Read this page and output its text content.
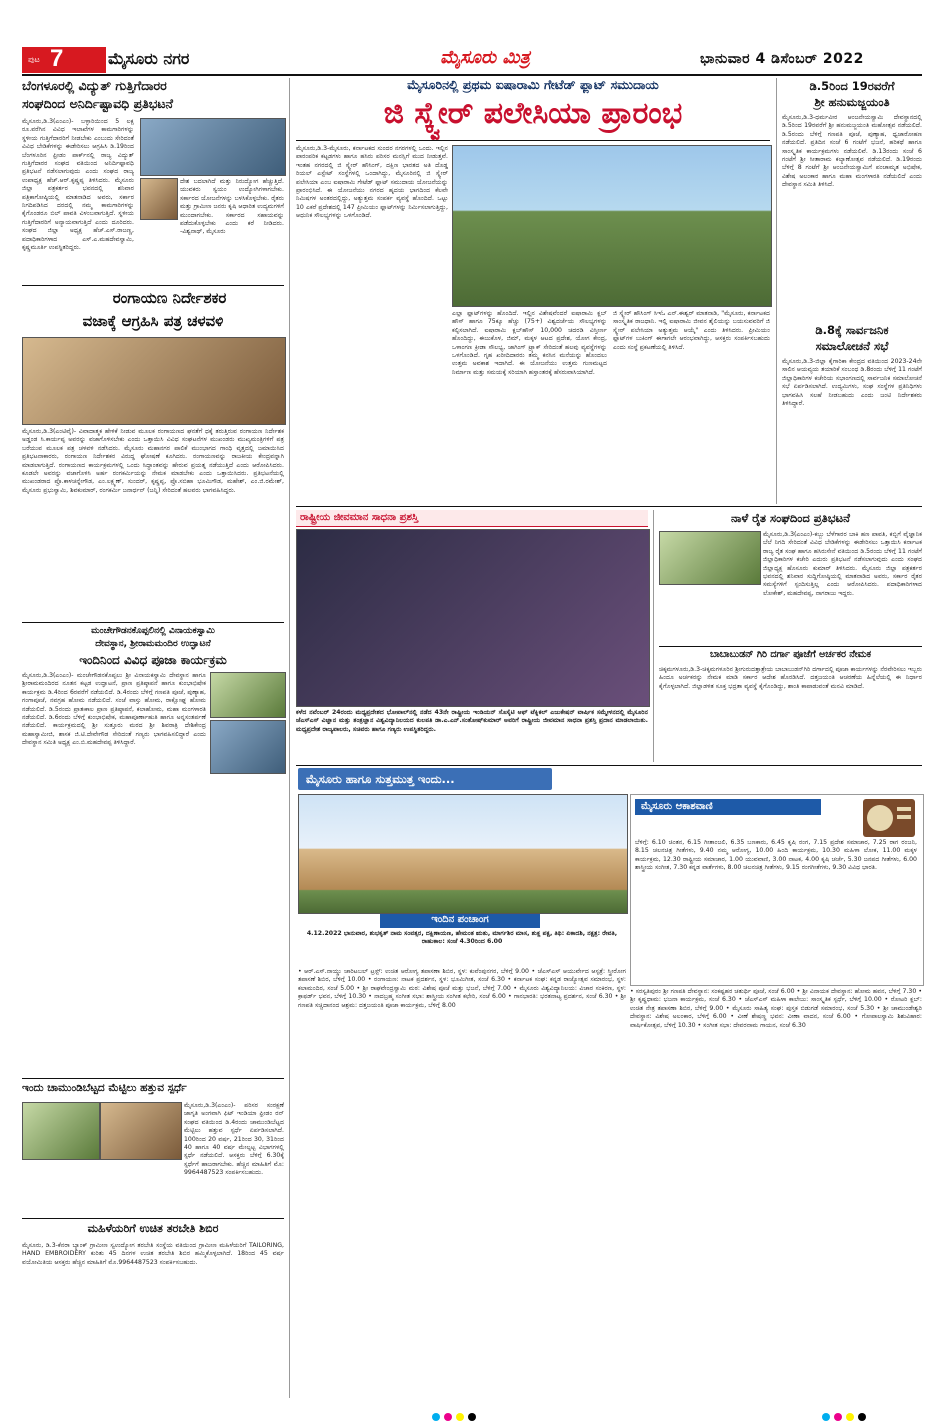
ಪುಟ 7	ಮೈಸೂರು ನಗರ	ಮೈಸೂರು ಮಿತ್ರ	ಭಾನುವಾರ 4 ಡಿಸೆಂಬರ್ 2022
ಬೆಂಗಳೂರಲ್ಲಿ ವಿದ್ಯುತ್ ಗುತ್ತಿಗೆದಾರರ
ಸಂಘದಿಂದ ಅನಿರ್ದಿಷ್ಟಾವಧಿ ಪ್ರತಿಭಟನೆ
ಮೈಸೂರು,ಡಿ.3(ಎಂಎಂ)- ಬಳ್ಳಾರಿಯಿಂದ 5 ಲಕ್ಷ ರೂ.ವರೆಗಿನ ವಿವಿಧ ಇಲಾಖೆಗಳ ಕಾಮಗಾರಿಗಳನ್ನು ಸ್ಥಳೀಯ ಗುತ್ತಿಗೆದಾರರಿಗೆ ನೀಡಬೇಕು ಎಂಬುದು ಸೇರಿದಂತೆ ವಿವಿಧ ಬೇಡಿಕೆಗಳನ್ನು ಈಡೇರಿಸಲು ಆಗ್ರಹಿಸಿ ಡಿ.19ರಿಂದ ಬೆಂಗಳೂರಿನ ಫ್ರೀಡಂ ಪಾರ್ಕ್‌ನಲ್ಲಿ ರಾಜ್ಯ ವಿದ್ಯುತ್ ಗುತ್ತಿಗೆದಾರರ ಸಂಘದ ವತಿಯಿಂದ ಅನಿರ್ದಿಷ್ಟಾವಧಿ ಪ್ರತಿಭಟನೆ ನಡೆಸಲಾಗುವುದು ಎಂದು ಸಂಘದ ರಾಜ್ಯ ಉಪಾಧ್ಯಕ್ಷ ಹೆಚ್.ಆರ್.ಕೃಷ್ಣಪ್ಪ ತಿಳಿಸಿದರು. ಮೈಸೂರು ಜಿಲ್ಲಾ ಪತ್ರಕರ್ತರ ಭವನದಲ್ಲಿ ಶನಿವಾರ ಪತ್ರಿಕಾಗೋಷ್ಠಿಯಲ್ಲಿ ಮಾತನಾಡಿದ ಅವರು, ಸರ್ಕಾರ ನಿಗದಿಪಡಿಸಿದ ದರದಲ್ಲಿ ನಮ್ಮ ಕಾಮಗಾರಿಗಳನ್ನು ಕೈಗೊಂಡರೂ ಬಿಲ್ ಪಾವತಿ ವಿಳಂಬವಾಗುತ್ತಿದೆ. ಸ್ಥಳೀಯ ಗುತ್ತಿಗೆದಾರರಿಗೆ ಅನ್ಯಾಯವಾಗುತ್ತಿದೆ ಎಂದು ದೂರಿದರು. ಸಂಘದ ಜಿಲ್ಲಾ ಅಧ್ಯಕ್ಷ ಹೆಚ್.ಎಸ್.ರಾಜಣ್ಣ, ಪದಾಧಿಕಾರಿಗಳಾದ ಎಸ್.ಎ.ಮಹದೇವಸ್ವಾಮಿ, ಕೃಷ್ಣಮೂರ್ತಿ ಉಪಸ್ಥಿತರಿದ್ದರು.
ದೇಶ ಬದಲಾಗಿದೆ ಮತ್ತು ನಿರುದ್ಯೋಗ ಹೆಚ್ಚುತ್ತಿದೆ. ಯುವಕರು ಸ್ವಯಂ ಉದ್ಯೋಗಿಗಳಾಗಬೇಕು. ಸರ್ಕಾರದ ಯೋಜನೆಗಳನ್ನು ಬಳಸಿಕೊಳ್ಳಬೇಕು. ರೈತರು ಮತ್ತು ಗ್ರಾಮೀಣ ಜನರು ಕೃಷಿ ಆಧಾರಿತ ಉದ್ಯಮಗಳಿಗೆ ಮುಂದಾಗಬೇಕು. ಸರ್ಕಾರದ ಸಹಾಯವನ್ನು ಪಡೆದುಕೊಳ್ಳಬೇಕು ಎಂದು ಕರೆ ನೀಡಿದರು. -ವಿಶ್ವನಾಥ್, ಮೈಸೂರು
ರಂಗಾಯಣ ನಿರ್ದೇಶಕರ
ವಜಾಕ್ಕೆ ಆಗ್ರಹಿಸಿ ಪತ್ರ ಚಳವಳಿ
ಮೈಸೂರು,ಡಿ.3(ಎಂಟಿವೈ)- ವಿವಾದಾತ್ಮಕ ಹೇಳಿಕೆ ನೀಡುವ ಮೂಲಕ ರಂಗಾಯಣದ ಘನತೆಗೆ ಧಕ್ಕೆ ತರುತ್ತಿರುವ ರಂಗಾಯಣ ನಿರ್ದೇಶಕ ಅಡ್ಡಂಡ ಸಿ.ಕಾರ್ಯಪ್ಪ ಅವರನ್ನು ವಜಾಗೊಳಿಸಬೇಕು ಎಂದು ಒತ್ತಾಯಿಸಿ ವಿವಿಧ ಸಂಘಟನೆಗಳ ಮುಖಂಡರು ಮುಖ್ಯಮಂತ್ರಿಗಳಿಗೆ ಪತ್ರ ಬರೆಯುವ ಮೂಲಕ ಪತ್ರ ಚಳವಳಿ ನಡೆಸಿದರು. ಮೈಸೂರು ಮಹಾನಗರ ಪಾಲಿಕೆ ಮುಂಭಾಗದ ಗಾಂಧಿ ವೃತ್ತದಲ್ಲಿ ಜಮಾಯಿಸಿದ ಪ್ರತಿಭಟನಾಕಾರರು, ರಂಗಾಯಣ ನಿರ್ದೇಶಕರ ವಿರುದ್ಧ ಘೋಷಣೆ ಕೂಗಿದರು. ರಂಗಾಯಣವನ್ನು ರಾಜಕೀಯ ಕೇಂದ್ರವನ್ನಾಗಿ ಮಾಡಲಾಗುತ್ತಿದೆ. ರಂಗಾಯಣದ ಕಾರ್ಯಕ್ರಮಗಳಲ್ಲಿ ಒಂದು ಸಿದ್ಧಾಂತವನ್ನು ಹೇರುವ ಪ್ರಯತ್ನ ನಡೆಯುತ್ತಿದೆ ಎಂದು ಆರೋಪಿಸಿದರು. ಕೂಡಲೇ ಅವರನ್ನು ವಜಾಗೊಳಿಸಿ ಅರ್ಹ ರಂಗಕರ್ಮಿಯನ್ನು ನೇಮಕ ಮಾಡಬೇಕು ಎಂದು ಒತ್ತಾಯಿಸಿದರು. ಪ್ರತಿಭಟನೆಯಲ್ಲಿ ಮುಖಂಡರಾದ ಪ್ರೊ.ಕಾಳಚನ್ನೇಗೌಡ, ಎಂ.ಲಕ್ಷ್ಮಣ್, ಸುಂದರ್, ಕೃಷ್ಣಪ್ಪ, ಪ್ರೊ.ಸಬಿಹಾ ಭೂಮಿಗೌಡ, ಮಹೇಶ್, ಎಂ.ಜಿ.ರಮೇಶ್, ಮೈಸೂರು ಪ್ರಭುಸ್ವಾಮಿ, ಶಿವಕುಮಾರ್, ರಂಗಕರ್ಮಿ ಜನಾರ್ಧನ್ (ಜನ್ನಿ) ಸೇರಿದಂತೆ ಹಲವರು ಭಾಗವಹಿಸಿದ್ದರು.
ಮಂಚೇಗೌಡನಕೊಪ್ಪಲಿನಲ್ಲಿ ವಿನಾಯಕಸ್ವಾಮಿ
ದೇವಸ್ಥಾನ, ಶ್ರೀರಾಮಮಂದಿರ ಉದ್ಘಾಟನೆ
ಇಂದಿನಿಂದ ವಿವಿಧ ಪೂಜಾ ಕಾರ್ಯಕ್ರಮ
ಮೈಸೂರು,ಡಿ.3(ಎಂಎಂ)- ಮಂಚೇಗೌಡನಕೊಪ್ಪಲು ಶ್ರೀ ವಿನಾಯಕಸ್ವಾಮಿ ದೇವಸ್ಥಾನ ಹಾಗೂ ಶ್ರೀರಾಮಮಂದಿರದ ನೂತನ ಕಟ್ಟಡ ಉದ್ಘಾಟನೆ, ಪ್ರಾಣ ಪ್ರತಿಷ್ಠಾಪನೆ ಹಾಗೂ ಕುಂಭಾಭಿಷೇಕ ಕಾರ್ಯಕ್ರಮ ಡಿ.4ರಿಂದ 6ರವರೆಗೆ ನಡೆಯಲಿದೆ. ಡಿ.4ರಂದು ಬೆಳಿಗ್ಗೆ ಗಣಪತಿ ಪೂಜೆ, ಪುಣ್ಯಾಹ, ಗಂಗಾಪೂಜೆ, ನವಗ್ರಹ ಹೋಮ ನಡೆಯಲಿದೆ. ಸಂಜೆ ವಾಸ್ತು ಹೋಮ, ರಾಕ್ಷೋಘ್ನ ಹೋಮ ನಡೆಯಲಿದೆ. ಡಿ.5ರಂದು ಪ್ರಾತಃಕಾಲ ಪ್ರಾಣ ಪ್ರತಿಷ್ಠಾಪನೆ, ಕಲಾಹೋಮ, ಮಹಾ ಮಂಗಳಾರತಿ ನಡೆಯಲಿದೆ. ಡಿ.6ರಂದು ಬೆಳಿಗ್ಗೆ ಕುಂಭಾಭಿಷೇಕ, ಮಹಾಪೂರ್ಣಾಹುತಿ ಹಾಗೂ ಅನ್ನಸಂತರ್ಪಣೆ ನಡೆಯಲಿದೆ. ಕಾರ್ಯಕ್ರಮದಲ್ಲಿ ಶ್ರೀ ಸುತ್ತೂರು ಮಠದ ಶ್ರೀ ಶಿವರಾತ್ರಿ ದೇಶಿಕೇಂದ್ರ ಮಹಾಸ್ವಾಮೀಜಿ, ಶಾಸಕ ಜಿ.ಟಿ.ದೇವೇಗೌಡ ಸೇರಿದಂತೆ ಗಣ್ಯರು ಭಾಗವಹಿಸಲಿದ್ದಾರೆ ಎಂದು ದೇವಸ್ಥಾನ ಸಮಿತಿ ಅಧ್ಯಕ್ಷ ಎಂ.ಬಿ.ಮಹದೇವಪ್ಪ ತಿಳಿಸಿದ್ದಾರೆ.
ಇಂದು ಚಾಮುಂಡಿಬೆಟ್ಟದ ಮೆಟ್ಟಿಲು ಹತ್ತುವ ಸ್ಪರ್ಧೆ
ಮೈಸೂರು,ಡಿ.3(ಎಂಎಂ)- ಪರಿಸರ ಸಂರಕ್ಷಣೆ ಜಾಗೃತಿ ಅಂಗವಾಗಿ ಫಿಟ್ ಇಂಡಿಯಾ ಫ್ರೀಡಂ ರನ್ ಸಂಘದ ವತಿಯಿಂದ ಡಿ.4ರಂದು ಚಾಮುಂಡಿಬೆಟ್ಟದ ಮೆಟ್ಟಿಲು ಹತ್ತುವ ಸ್ಪರ್ಧೆ ಏರ್ಪಡಿಸಲಾಗಿದೆ. 100ರಿಂದ 20 ವರ್ಷ, 21ರಿಂದ 30, 31ರಿಂದ 40 ಹಾಗೂ 40 ವರ್ಷ ಮೇಲ್ಪಟ್ಟ ವಿಭಾಗಗಳಲ್ಲಿ ಸ್ಪರ್ಧೆ ನಡೆಯಲಿದೆ. ಆಸಕ್ತರು ಬೆಳಿಗ್ಗೆ 6.30ಕ್ಕೆ ಸ್ಪರ್ಧೆಗೆ ಹಾಜರಾಗಬೇಕು. ಹೆಚ್ಚಿನ ಮಾಹಿತಿಗೆ ಮೊ: 9964487523 ಸಂಪರ್ಕಿಸಬಹುದು.
ಮಹಿಳೆಯರಿಗೆ ಉಚಿತ ತರಬೇತಿ ಶಿಬಿರ
ಮೈಸೂರು, ಡಿ.3-ಕೆನರಾ ಬ್ಯಾಂಕ್ ಗ್ರಾಮೀಣ ಸ್ವಉದ್ಯೋಗ ತರಬೇತಿ ಸಂಸ್ಥೆಯ ವತಿಯಿಂದ ಗ್ರಾಮೀಣ ಮಹಿಳೆಯರಿಗೆ TAILORING, HAND EMBROIDERY ಕುರಿತು 45 ದಿನಗಳ ಉಚಿತ ತರಬೇತಿ ಶಿಬಿರ ಹಮ್ಮಿಕೊಳ್ಳಲಾಗಿದೆ. 18ರಿಂದ 45 ವರ್ಷ ವಯೋಮಿತಿಯ ಆಸಕ್ತರು ಹೆಚ್ಚಿನ ಮಾಹಿತಿಗೆ ಮೊ.9964487523 ಸಂಪರ್ಕಿಸಬಹುದು.
ಮೈಸೂರಿನಲ್ಲಿ ಪ್ರಥಮ ಐಷಾರಾಮಿ ಗೇಟೆಡ್ ಫ್ಲಾಟ್ ಸಮುದಾಯ
ಜಿ ಸ್ಕ್ವೇರ್ ಪಲೇಸಿಯಾ ಪ್ರಾರಂಭ
ಮೈಸೂರು,ಡಿ.3-ಮೈಸೂರು, ಕರ್ನಾಟಕದ ಸುಂದರ ನಗರಗಳಲ್ಲಿ ಒಂದು. ಇಲ್ಲಿನ ಪಾರಂಪರಿಕ ಕಟ್ಟಡಗಳು ಹಾಗೂ ಹಸಿರು ಪರಿಸರ ಮನಸ್ಸಿಗೆ ಮುದ ನೀಡುತ್ತವೆ. ಇಂತಹ ನಗರದಲ್ಲಿ ಜಿ ಸ್ಕ್ವೇರ್ ಹೌಸಿಂಗ್, ದಕ್ಷಿಣ ಭಾರತದ ಅತಿ ದೊಡ್ಡ ರಿಯಲ್ ಎಸ್ಟೇಟ್ ಸಂಸ್ಥೆಗಳಲ್ಲಿ ಒಂದಾಗಿದ್ದು, ಮೈಸೂರಿನಲ್ಲಿ ಜಿ ಸ್ಕ್ವೇರ್ ಪಲೇಸಿಯಾ ಎಂಬ ಐಷಾರಾಮಿ ಗೇಟೆಡ್ ಫ್ಲಾಟ್ ಸಮುದಾಯ ಯೋಜನೆಯನ್ನು ಪ್ರಾರಂಭಿಸಿದೆ. ಈ ಯೋಜನೆಯು ನಗರದ ಹೃದಯ ಭಾಗದಿಂದ ಕೆಲವೇ ನಿಮಿಷಗಳ ಅಂತರದಲ್ಲಿದ್ದು, ಅತ್ಯುತ್ತಮ ಸಂಪರ್ಕ ವ್ಯವಸ್ಥೆ ಹೊಂದಿದೆ. ಒಟ್ಟು 10 ಎಕರೆ ಪ್ರದೇಶದಲ್ಲಿ 147 ಪ್ರೀಮಿಯಂ ಫ್ಲಾಟ್‌ಗಳನ್ನು ನಿರ್ಮಿಸಲಾಗುತ್ತಿದ್ದು, ಆಧುನಿಕ ಸೌಲಭ್ಯಗಳನ್ನು ಒಳಗೊಂಡಿದೆ.
ಎಲ್ಲಾ ಫ್ಲಾಟ್‌ಗಳನ್ನು ಹೊಂದಿದೆ. ಇಲ್ಲಿನ ವಿಶೇಷವೆಂದರೆ ಐಷಾರಾಮಿ ಕ್ಲಬ್ ಹೌಸ್ ಹಾಗೂ 75ಕ್ಕೂ ಹೆಚ್ಚು (75+) ವಿಶ್ವದರ್ಜೆಯ ಸೌಲಭ್ಯಗಳನ್ನು ಕಲ್ಪಿಸಲಾಗಿದೆ. ಐಷಾರಾಮಿ ಕ್ಲಬ್‌ಹೌಸ್ 10,000 ಚದರಡಿ ವಿಸ್ತೀರ್ಣ ಹೊಂದಿದ್ದು, ಈಜುಕೊಳ, ಜಿಮ್, ಮಕ್ಕಳ ಆಟದ ಪ್ರದೇಶ, ಯೋಗ ಕೇಂದ್ರ, ಒಳಾಂಗಣ ಕ್ರೀಡಾ ಸೌಲಭ್ಯ, ಜಾಗಿಂಗ್ ಟ್ರ್ಯಾಕ್ ಸೇರಿದಂತೆ ಹಲವು ವ್ಯವಸ್ಥೆಗಳನ್ನು ಒಳಗೊಂಡಿದೆ. ಗೃಹ ಖರೀದಿದಾರರು ತಮ್ಮ ಕನಸಿನ ಮನೆಯನ್ನು ಹೊಂದಲು ಉತ್ತಮ ಅವಕಾಶ ಇದಾಗಿದೆ. ಈ ಯೋಜನೆಯು ಉತ್ತಮ ಗುಣಮಟ್ಟದ ನಿರ್ಮಾಣ ಮತ್ತು ಸಮಯಕ್ಕೆ ಸರಿಯಾಗಿ ಹಸ್ತಾಂತರಕ್ಕೆ ಹೆಸರುವಾಸಿಯಾಗಿದೆ.
ಜಿ ಸ್ಕ್ವೇರ್ ಹೌಸಿಂಗ್ ಸಿಇಓ ಎನ್.ಈಶ್ವರ್ ಮಾತನಾಡಿ, "ಮೈಸೂರು, ಕರ್ನಾಟಕದ ಸಾಂಸ್ಕೃತಿಕ ರಾಜಧಾನಿ. ಇಲ್ಲಿ ಐಷಾರಾಮಿ ಜೀವನ ಶೈಲಿಯನ್ನು ಬಯಸುವವರಿಗೆ ಜಿ ಸ್ಕ್ವೇರ್ ಪಲೇಸಿಯಾ ಅತ್ಯುತ್ತಮ ಆಯ್ಕೆ" ಎಂದು ತಿಳಿಸಿದರು. ಪ್ರೀಮಿಯಂ ಫ್ಲಾಟ್‌ಗಳ ಬುಕಿಂಗ್ ಈಗಾಗಲೇ ಆರಂಭವಾಗಿದ್ದು, ಆಸಕ್ತರು ಸಂಪರ್ಕಿಸಬಹುದು ಎಂದು ಸಂಸ್ಥೆ ಪ್ರಕಟಣೆಯಲ್ಲಿ ತಿಳಿಸಿದೆ.
ಡಿ.5ರಿಂದ 19ರವರೆಗೆ
ಶ್ರೀ ಹನುಮಜ್ಜಯಂತಿ
ಮೈಸೂರು,ಡಿ.3-ಧರ್ಮವೀರ ಆಂಜನೇಯಸ್ವಾಮಿ ದೇವಸ್ಥಾನದಲ್ಲಿ ಡಿ.5ರಿಂದ 19ರವರೆಗೆ ಶ್ರೀ ಹನುಮಜ್ಜಯಂತಿ ಮಹೋತ್ಸವ ನಡೆಯಲಿದೆ. ಡಿ.5ರಂದು ಬೆಳಿಗ್ಗೆ ಗಣಪತಿ ಪೂಜೆ, ಪುಣ್ಯಾಹ, ಧ್ವಜಾರೋಹಣ ನಡೆಯಲಿದೆ. ಪ್ರತಿದಿನ ಸಂಜೆ 6 ಗಂಟೆಗೆ ಭಜನೆ, ಹರಿಕಥೆ ಹಾಗೂ ಸಾಂಸ್ಕೃತಿಕ ಕಾರ್ಯಕ್ರಮಗಳು ನಡೆಯಲಿವೆ. ಡಿ.13ರಂದು ಸಂಜೆ 6 ಗಂಟೆಗೆ ಶ್ರೀ ಸೀತಾರಾಮ ಕಲ್ಯಾಣೋತ್ಸವ ನಡೆಯಲಿದೆ. ಡಿ.19ರಂದು ಬೆಳಿಗ್ಗೆ 8 ಗಂಟೆಗೆ ಶ್ರೀ ಆಂಜನೇಯಸ್ವಾಮಿಗೆ ಪಂಚಾಮೃತ ಅಭಿಷೇಕ, ವಿಶೇಷ ಅಲಂಕಾರ ಹಾಗೂ ಮಹಾ ಮಂಗಳಾರತಿ ನಡೆಯಲಿದೆ ಎಂದು ದೇವಸ್ಥಾನ ಸಮಿತಿ ತಿಳಿಸಿದೆ.
ಡಿ.8ಕ್ಕೆ ಸಾರ್ವಜನಿಕ
ಸಮಾಲೋಚನೆ ಸಭೆ
ಮೈಸೂರು,ಡಿ.3-ಜಿಲ್ಲಾ ಕೈಗಾರಿಕಾ ಕೇಂದ್ರದ ವತಿಯಿಂದ 2023-24ನೇ ಸಾಲಿನ ಆಯವ್ಯಯ ತಯಾರಿಕೆ ಸಂಬಂಧ ಡಿ.8ರಂದು ಬೆಳಿಗ್ಗೆ 11 ಗಂಟೆಗೆ ಜಿಲ್ಲಾಧಿಕಾರಿಗಳ ಕಚೇರಿಯ ಸಭಾಂಗಣದಲ್ಲಿ ಸಾರ್ವಜನಿಕ ಸಮಾಲೋಚನೆ ಸಭೆ ಏರ್ಪಡಿಸಲಾಗಿದೆ. ಉದ್ಯಮಿಗಳು, ಸಂಘ ಸಂಸ್ಥೆಗಳ ಪ್ರತಿನಿಧಿಗಳು ಭಾಗವಹಿಸಿ ಸಲಹೆ ನೀಡಬಹುದು ಎಂದು ಜಂಟಿ ನಿರ್ದೇಶಕರು ತಿಳಿಸಿದ್ದಾರೆ.
ರಾಷ್ಟ್ರೀಯ ಜೀವಮಾನ ಸಾಧನಾ ಪ್ರಶಸ್ತಿ
ಕಳೆದ ನವೆಂಬರ್ 24ರಂದು ಮಧ್ಯಪ್ರದೇಶದ ಭೋಪಾಲ್‌ನಲ್ಲಿ ನಡೆದ 43ನೇ ರಾಷ್ಟ್ರೀಯ ಇಂಡಿಯನ್ ಸೊಸೈಟಿ ಆಫ್ ಟೆಕ್ನಿಕಲ್ ಎಜುಕೇಷನ್ ವಾರ್ಷಿಕ ಸಮ್ಮೇಳನದಲ್ಲಿ ಮೈಸೂರಿನ ಜೆಎಸ್‌ಎಸ್ ವಿಜ್ಞಾನ ಮತ್ತು ತಂತ್ರಜ್ಞಾನ ವಿಶ್ವವಿದ್ಯಾನಿಲಯದ ಕುಲಪತಿ ಡಾ.ಎ.ಎನ್.ಸಂತೋಷ್‌ಕುಮಾರ್ ಅವರಿಗೆ ರಾಷ್ಟ್ರೀಯ ಜೀವಮಾನ ಸಾಧನಾ ಪ್ರಶಸ್ತಿ ಪ್ರದಾನ ಮಾಡಲಾಯಿತು. ಮಧ್ಯಪ್ರದೇಶ ರಾಜ್ಯಪಾಲರು, ಸಚಿವರು ಹಾಗೂ ಗಣ್ಯರು ಉಪಸ್ಥಿತರಿದ್ದರು.
ನಾಳೆ ರೈತ ಸಂಘದಿಂದ ಪ್ರತಿಭಟನೆ
ಮೈಸೂರು,ಡಿ.3(ಎಂಎಂ)-ಕಬ್ಬು ಬೆಳೆಗಾರರ ಬಾಕಿ ಹಣ ಪಾವತಿ, ಕಬ್ಬಿಗೆ ವೈಜ್ಞಾನಿಕ ಬೆಲೆ ನಿಗದಿ ಸೇರಿದಂತೆ ವಿವಿಧ ಬೇಡಿಕೆಗಳನ್ನು ಈಡೇರಿಸಲು ಒತ್ತಾಯಿಸಿ ಕರ್ನಾಟಕ ರಾಜ್ಯ ರೈತ ಸಂಘ ಹಾಗೂ ಹಸಿರುಸೇನೆ ವತಿಯಿಂದ ಡಿ.5ರಂದು ಬೆಳಿಗ್ಗೆ 11 ಗಂಟೆಗೆ ಜಿಲ್ಲಾಧಿಕಾರಿಗಳ ಕಚೇರಿ ಎದುರು ಪ್ರತಿಭಟನೆ ನಡೆಸಲಾಗುವುದು ಎಂದು ಸಂಘದ ಜಿಲ್ಲಾಧ್ಯಕ್ಷ ಹೊಸೂರು ಕುಮಾರ್ ತಿಳಿಸಿದರು. ಮೈಸೂರು ಜಿಲ್ಲಾ ಪತ್ರಕರ್ತರ ಭವನದಲ್ಲಿ ಶನಿವಾರ ಸುದ್ದಿಗೋಷ್ಠಿಯಲ್ಲಿ ಮಾತನಾಡಿದ ಅವರು, ಸರ್ಕಾರ ರೈತರ ಸಮಸ್ಯೆಗಳಿಗೆ ಸ್ಪಂದಿಸುತ್ತಿಲ್ಲ ಎಂದು ಆರೋಪಿಸಿದರು. ಪದಾಧಿಕಾರಿಗಳಾದ ಲೋಕೇಶ್, ಮಹದೇವಪ್ಪ, ನಾಗರಾಜು ಇದ್ದರು.
ಬಾಬಾಬುಡನ್ ಗಿರಿ ದರ್ಗಾ ಪೂಜೆಗೆ ಅರ್ಚಕರ ನೇಮಕ
ಚಿಕ್ಕಮಗಳೂರು,ಡಿ.3-ಚಿಕ್ಕಮಗಳೂರಿನ ಶ್ರೀಗುರುದತ್ತಾತ್ರೇಯ ಬಾಬಾಬುಡನ್‌ಗಿರಿ ದರ್ಗಾದಲ್ಲಿ ಪೂಜಾ ಕಾರ್ಯಗಳನ್ನು ನೆರವೇರಿಸಲು ಇಬ್ಬರು ಹಿಂದೂ ಅರ್ಚಕರನ್ನು ನೇಮಕ ಮಾಡಿ ಸರ್ಕಾರ ಆದೇಶ ಹೊರಡಿಸಿದೆ. ದತ್ತಜಯಂತಿ ಆಚರಣೆಯ ಹಿನ್ನೆಲೆಯಲ್ಲಿ ಈ ನಿರ್ಧಾರ ಕೈಗೊಳ್ಳಲಾಗಿದೆ. ಜಿಲ್ಲಾಡಳಿತ ಸೂಕ್ತ ಭದ್ರತಾ ವ್ಯವಸ್ಥೆ ಕೈಗೊಂಡಿದ್ದು, ಶಾಂತಿ ಕಾಪಾಡುವಂತೆ ಮನವಿ ಮಾಡಿದೆ.
ಮೈಸೂರು ಹಾಗೂ ಸುತ್ತಮುತ್ತ ಇಂದು...
ಇಂದಿನ ಪಂಚಾಂಗ
4.12.2022 ಭಾನುವಾರ, ಶುಭಕೃತ್ ನಾಮ ಸಂವತ್ಸರ, ದಕ್ಷಿಣಾಯಣ, ಹೇಮಂತ ಋತು, ಮಾರ್ಗಶಿರ ಮಾಸ, ಶುಕ್ಲ ಪಕ್ಷ, ತಿಥಿ: ಏಕಾದಶಿ, ನಕ್ಷತ್ರ: ರೇವತಿ, ರಾಹುಕಾಲ: ಸಂಜೆ 4.30ರಿಂದ 6.00
• ಆರ್.ಎಸ್.ನಾಯ್ಡು ಚಾರಿಟಬಲ್ ಟ್ರಸ್ಟ್: ಉಚಿತ ಆರೋಗ್ಯ ತಪಾಸಣಾ ಶಿಬಿರ, ಸ್ಥಳ: ಕುವೆಂಪುನಗರ, ಬೆಳಿಗ್ಗೆ 9.00 • ಜೆಎಸ್‌ಎಸ್ ಆಯುರ್ವೇದ ಆಸ್ಪತ್ರೆ: ಸ್ತ್ರೀರೋಗ ತಪಾಸಣೆ ಶಿಬಿರ, ಬೆಳಿಗ್ಗೆ 10.00 • ರಂಗಾಯಣ: ನಾಟಕ ಪ್ರದರ್ಶನ, ಸ್ಥಳ: ಭೂಮಿಗೀತ, ಸಂಜೆ 6.30 • ಕರ್ನಾಟಕ ಸಂಘ: ಕನ್ನಡ ರಾಜ್ಯೋತ್ಸವ ಸಮಾರಂಭ, ಸ್ಥಳ: ಕಲಾಮಂದಿರ, ಸಂಜೆ 5.00 • ಶ್ರೀ ರಾಘವೇಂದ್ರಸ್ವಾಮಿ ಮಠ: ವಿಶೇಷ ಪೂಜೆ ಮತ್ತು ಭಜನೆ, ಬೆಳಿಗ್ಗೆ 7.00 • ಮೈಸೂರು ವಿಶ್ವವಿದ್ಯಾನಿಲಯ: ವಿಚಾರ ಸಂಕಿರಣ, ಸ್ಥಳ: ಕ್ರಾಫರ್ಡ್ ಭವನ, ಬೆಳಿಗ್ಗೆ 10.30 • ನಾದಬ್ರಹ್ಮ ಸಂಗೀತ ಸಭಾ: ಶಾಸ್ತ್ರೀಯ ಸಂಗೀತ ಕಛೇರಿ, ಸಂಜೆ 6.00 • ಗಾನಭಾರತಿ: ಭರತನಾಟ್ಯ ಪ್ರದರ್ಶನ, ಸಂಜೆ 6.30 • ಶ್ರೀ ಗಣಪತಿ ಸಚ್ಚಿದಾನಂದ ಆಶ್ರಮ: ದತ್ತಜಯಂತಿ ಪೂಜಾ ಕಾರ್ಯಕ್ರಮ, ಬೆಳಿಗ್ಗೆ 8.00
ಮೈಸೂರು ಆಕಾಶವಾಣಿ
ಬೆಳಿಗ್ಗೆ: 6.10 ಚಿಂತನ, 6.15 ಗೀತಾಂಜಲಿ, 6.35 ಬಣಕಾರು, 6.45 ಕೃಷಿ ರಂಗ, 7.15 ಪ್ರದೇಶ ಸಮಾಚಾರ, 7.25 ರಾಗ ರಂಜನಿ, 8.15 ಚಲನಚಿತ್ರ ಗೀತೆಗಳು, 9.40 ನಮ್ಮ ಆರೋಗ್ಯ, 10.00 ಹಿಂದಿ ಕಾರ್ಯಕ್ರಮ, 10.30 ಮಹಿಳಾ ಲೋಕ, 11.00 ಮಕ್ಕಳ ಕಾರ್ಯಕ್ರಮ, 12.30 ರಾಷ್ಟ್ರೀಯ ಸಮಾಚಾರ, 1.00 ಯುವವಾಣಿ, 3.00 ನಾಟಕ, 4.00 ಕೃಷಿ ಚರ್ಚೆ, 5.30 ಜನಪದ ಗೀತೆಗಳು, 6.00 ಶಾಸ್ತ್ರೀಯ ಸಂಗೀತ, 7.30 ಕನ್ನಡ ವಾರ್ತೆಗಳು, 8.00 ಚಲನಚಿತ್ರ ಗೀತೆಗಳು, 9.15 ರಂಗಗೀತೆಗಳು, 9.30 ವಿವಿಧ ಭಾರತಿ.
• ಸರಸ್ವತಿಪುರಂ ಶ್ರೀ ಗಣಪತಿ ದೇವಸ್ಥಾನ: ಸಂಕಷ್ಟಹರ ಚತುರ್ಥಿ ಪೂಜೆ, ಸಂಜೆ 6.00 • ಶ್ರೀ ವಿನಾಯಕ ದೇವಸ್ಥಾನ: ಹೋಮ ಹವನ, ಬೆಳಿಗ್ಗೆ 7.30 • ಶ್ರೀ ಕೃಷ್ಣಧಾಮ: ಭಜನಾ ಕಾರ್ಯಕ್ರಮ, ಸಂಜೆ 6.30 • ಜೆಎಸ್‌ಎಸ್ ಮಹಿಳಾ ಕಾಲೇಜು: ಸಾಂಸ್ಕೃತಿಕ ಸ್ಪರ್ಧೆ, ಬೆಳಿಗ್ಗೆ 10.00 • ರೋಟರಿ ಕ್ಲಬ್: ಉಚಿತ ನೇತ್ರ ತಪಾಸಣಾ ಶಿಬಿರ, ಬೆಳಿಗ್ಗೆ 9.00 • ಮೈಸೂರು ಸಾಹಿತ್ಯ ಸಂಘ: ಪುಸ್ತಕ ಬಿಡುಗಡೆ ಸಮಾರಂಭ, ಸಂಜೆ 5.30 • ಶ್ರೀ ಚಾಮುಂಡೇಶ್ವರಿ ದೇವಸ್ಥಾನ: ವಿಶೇಷ ಅಲಂಕಾರ, ಬೆಳಿಗ್ಗೆ 6.00 • ವೀಣೆ ಶೇಷಣ್ಣ ಭವನ: ವೀಣಾ ವಾದನ, ಸಂಜೆ 6.00 • ಗೋಪಾಲಸ್ವಾಮಿ ಶಿಶುವಿಹಾರ: ವಾರ್ಷಿಕೋತ್ಸವ, ಬೆಳಿಗ್ಗೆ 10.30 • ಸಂಗೀತ ಸಭಾ: ದೇವರನಾಮ ಗಾಯನ, ಸಂಜೆ 6.30
